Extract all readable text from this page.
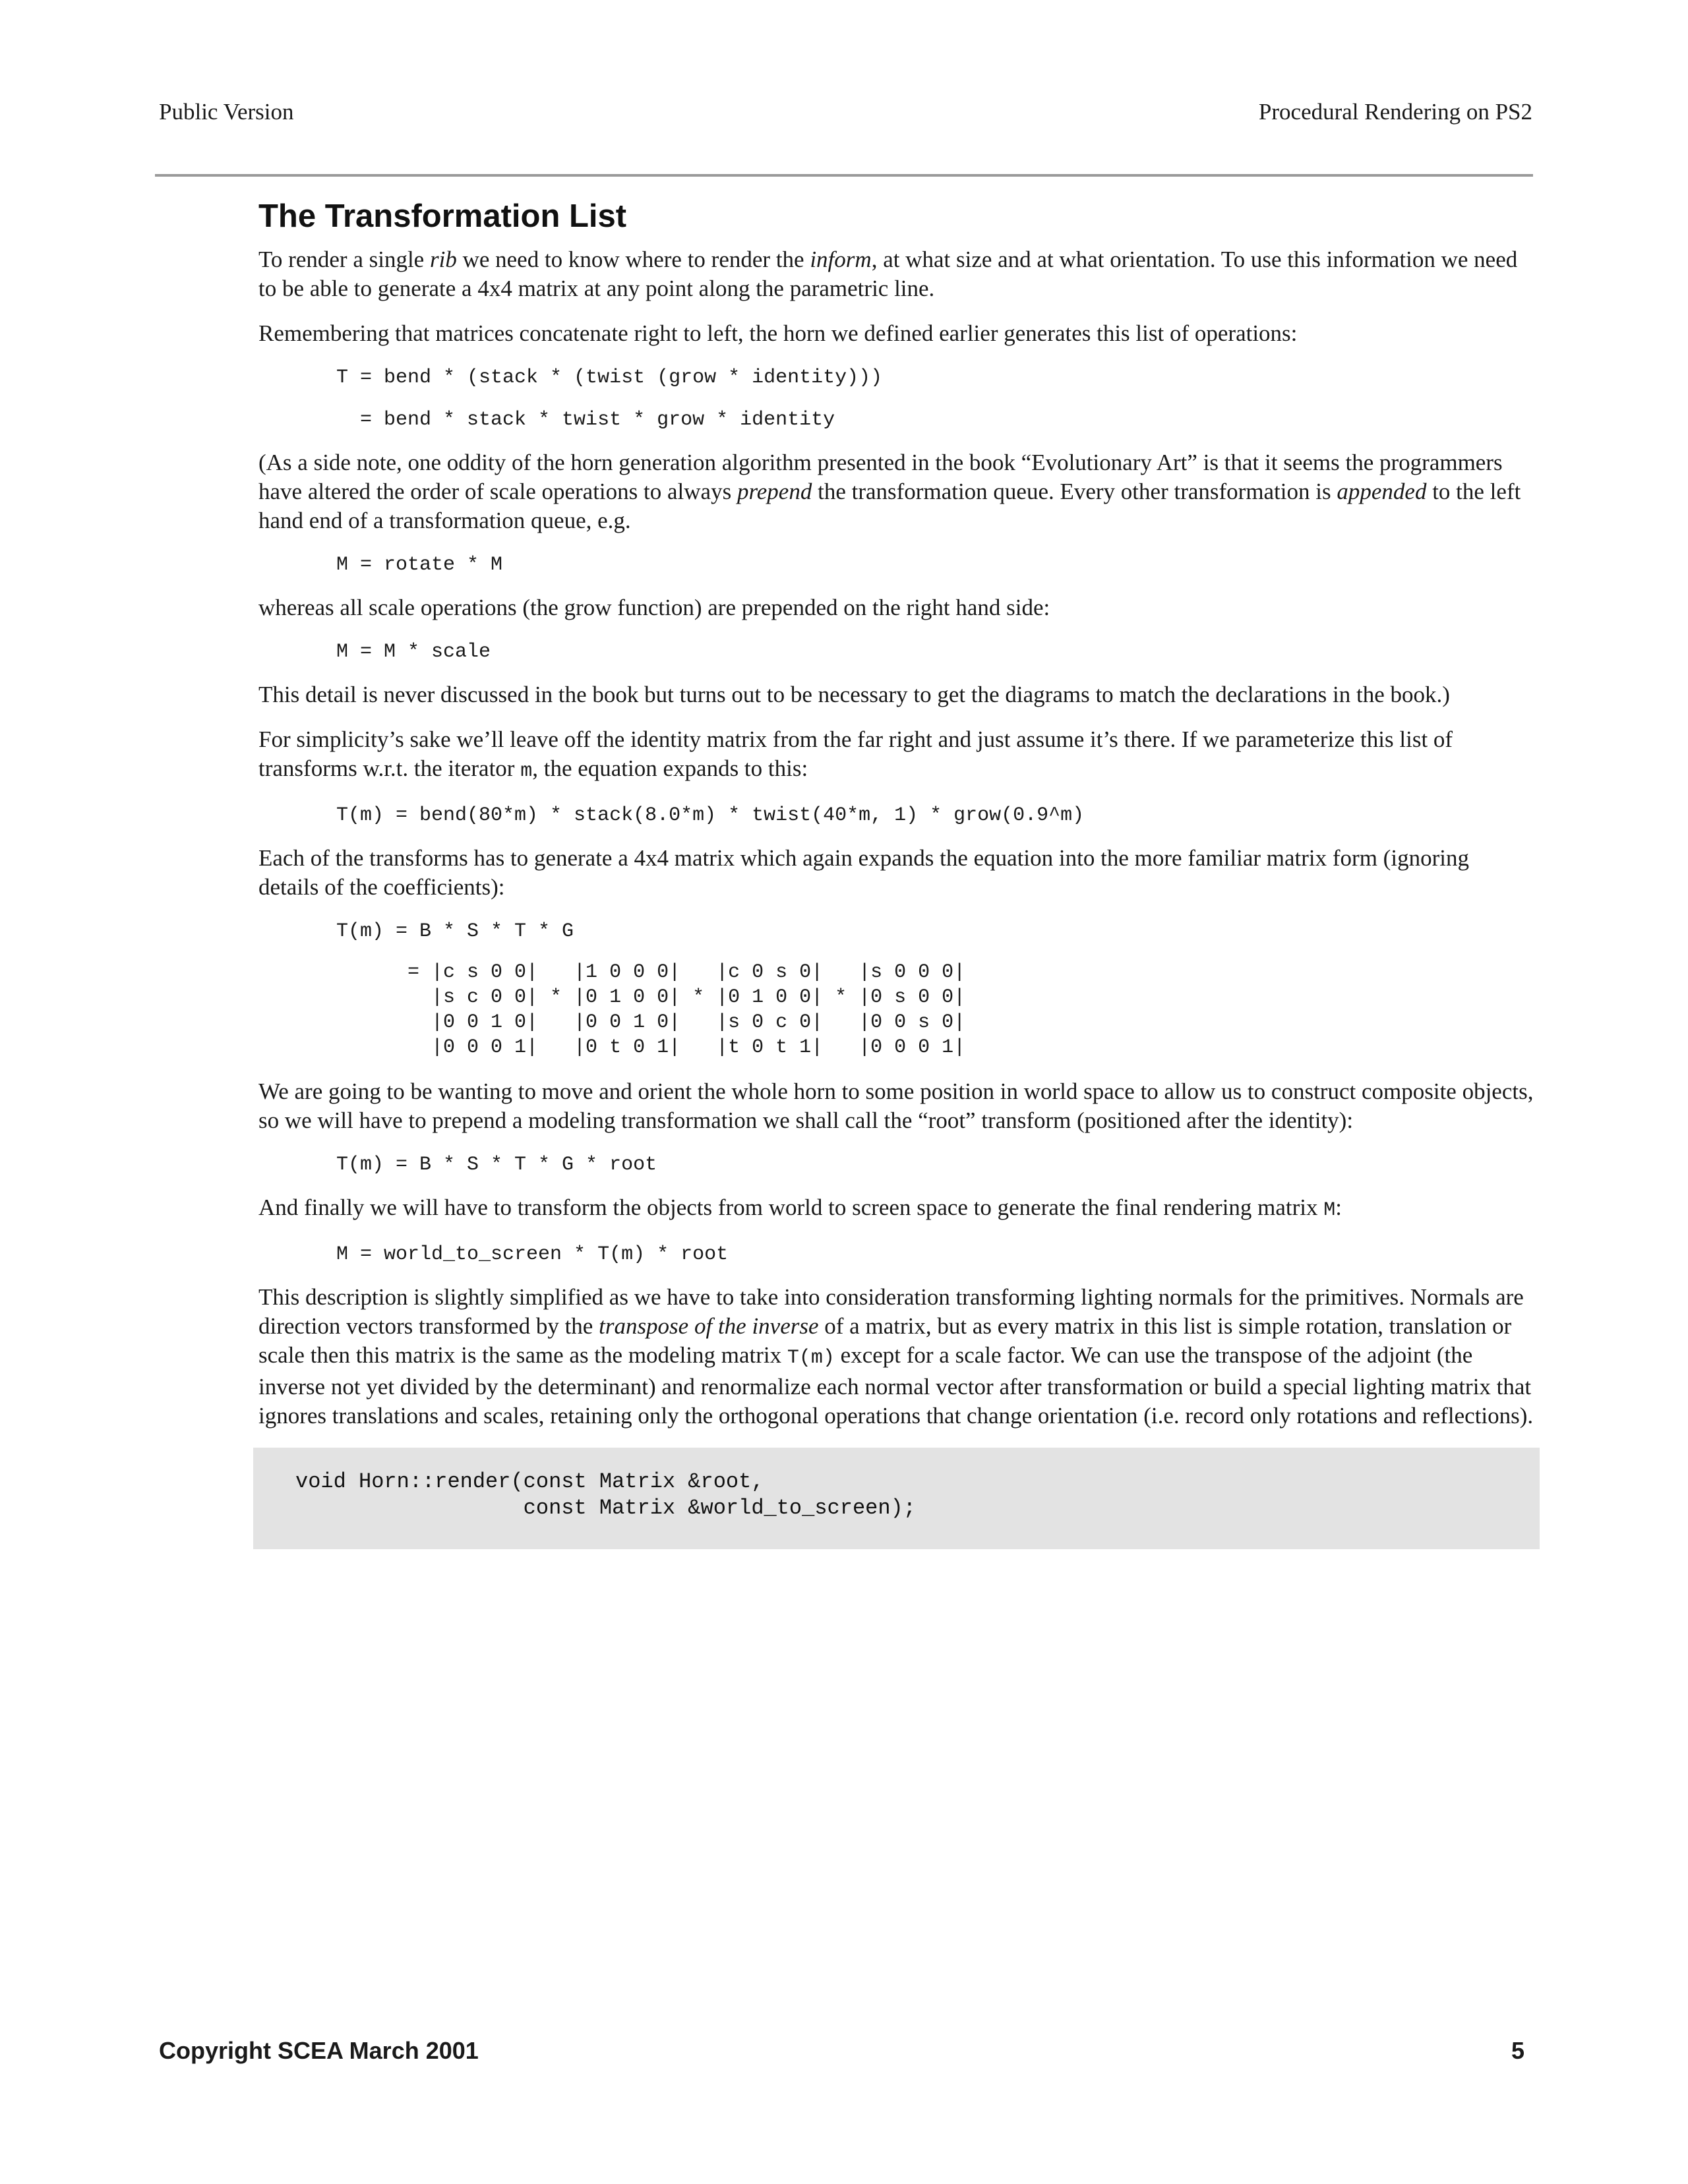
Public Version	Procedural Rendering on PS2
The Transformation List

To render a single rib we need to know where to render the inform, at what size and at what orientation. To use this information we need to be able to generate a 4x4 matrix at any point along the parametric line.

Remembering that matrices concatenate right to left, the horn we defined earlier generates this list of operations:

T = bend * (stack * (twist (grow * identity)))
= bend * stack * twist * grow * identity

(As a side note, one oddity of the horn generation algorithm presented in the book “Evolutionary Art” is that it seems the programmers have altered the order of scale operations to always prepend the transformation queue. Every other transformation is appended to the left hand end of a transformation queue, e.g.

M = rotate * M

whereas all scale operations (the grow function) are prepended on the right hand side:

M = M * scale

This detail is never discussed in the book but turns out to be necessary to get the diagrams to match the declarations in the book.)

For simplicity’s sake we’ll leave off the identity matrix from the far right and just assume it’s there. If we parameterize this list of transforms w.r.t. the iterator m, the equation expands to this:

T(m) = bend(80*m) * stack(8.0*m) * twist(40*m, 1) * grow(0.9^m)

Each of the transforms has to generate a 4x4 matrix which again expands the equation into the more familiar matrix form (ignoring details of the coefficients):

T(m) = B * S * T * G
= |c s 0 0|   |1 0 0 0|   |c 0 s 0|   |s 0 0 0|
|s c 0 0| * |0 1 0 0| * |0 1 0 0| * |0 s 0 0|
|0 0 1 0|   |0 0 1 0|   |s 0 c 0|   |0 0 s 0|
|0 0 0 1|   |0 t 0 1|   |t 0 t 1|   |0 0 0 1|

We are going to be wanting to move and orient the whole horn to some position in world space to allow us to construct composite objects, so we will have to prepend a modeling transformation we shall call the “root” transform (positioned after the identity):

T(m) = B * S * T * G * root

And finally we will have to transform the objects from world to screen space to generate the final rendering matrix M:

M = world_to_screen * T(m) * root

This description is slightly simplified as we have to take into consideration transforming lighting normals for the primitives. Normals are direction vectors transformed by the transpose of the inverse of a matrix, but as every matrix in this list is simple rotation, translation or scale then this matrix is the same as the modeling matrix T(m) except for a scale factor. We can use the transpose of the adjoint (the inverse not yet divided by the determinant) and renormalize each normal vector after transformation or build a special lighting matrix that ignores translations and scales, retaining only the orthogonal operations that change orientation (i.e. record only rotations and reflections).

void Horn::render(const Matrix &root,
const Matrix &world_to_screen);
Copyright SCEA March 2001	5
